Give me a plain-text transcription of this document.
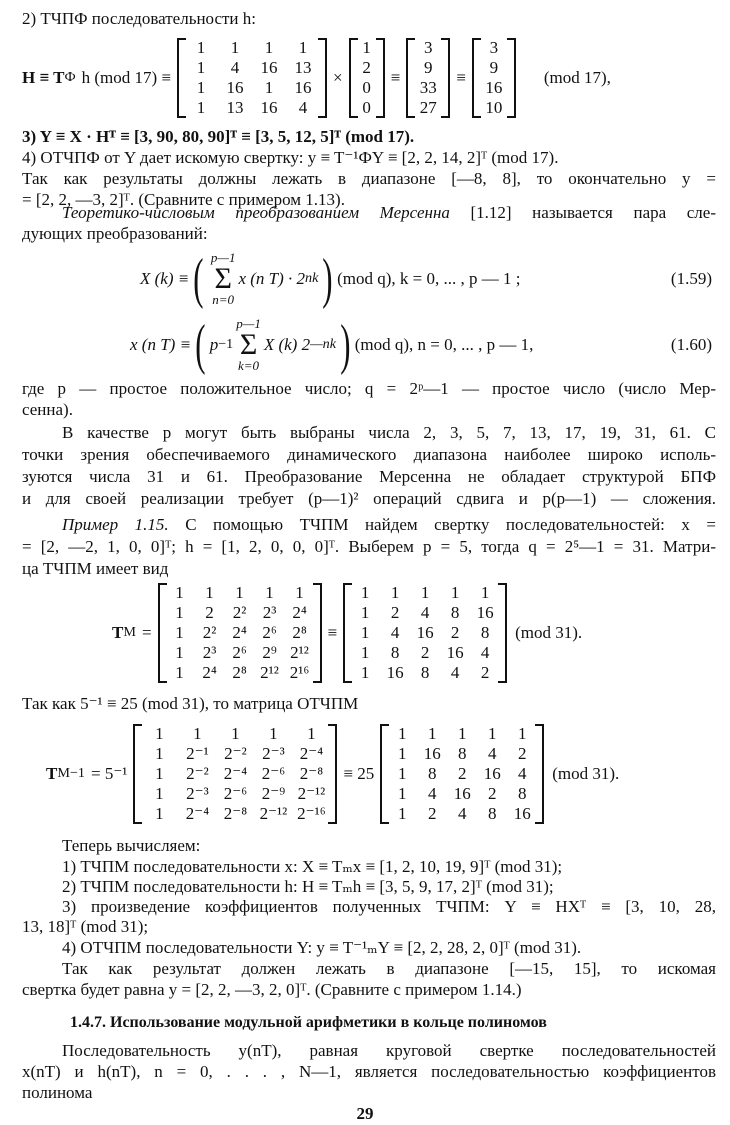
2) ТЧПФ последовательности h:
H ≡ T Ф h (mod 17) ≡
1	1	1	1
1	4	16	13
1	16	1	16
1	13	16	4
×
1
2
0
0
≡
3
9
33
27
≡
3
9
16
10
(mod 17),
3) Y ≡ X · Hᵀ ≡ [3, 90, 80, 90]ᵀ ≡ [3, 5, 12, 5]ᵀ (mod 17).
4) ОТЧПФ от Y дает искомую свертку: y ≡ T⁻¹ФY ≡ [2, 2, 14, 2]ᵀ (mod 17).
Так как результаты должны лежать в диапазоне [—8, 8], то окончательно y =
= [2, 2, —3, 2]ᵀ. (Сравните с примером 1.13).
Теоретико-числовым преобразованием Мерсенна [1.12] называется пара сле-
дующих преобразований:
X (k) ≡ ( p—1
Σ
n=0
x (n T) · 2 nk ) (mod q), k = 0, ... , p — 1 ;	(1.59)
x (n T) ≡ ( p −1
p—1
Σ
k=0
X (k) 2 —nk ) (mod q), n = 0, ... , p — 1,	(1.60)
где p — простое положительное число; q = 2ᵖ—1 — простое число (число Мер-
сенна).
В качестве p могут быть выбраны числа 2, 3, 5, 7, 13, 17, 19, 31, 61. С
точки зрения обеспечиваемого динамического диапазона наиболее широко исполь-
зуются числа 31 и 61. Преобразование Мерсенна не обладает структурой БПФ
и для своей реализации требует (p—1)² операций сдвига и p(p—1) — сложения.
Пример 1.15. С помощью ТЧПМ найдем свертку последовательностей: x =
= [2, —2, 1, 0, 0]ᵀ; h = [1, 2, 0, 0, 0]ᵀ. Выберем p = 5, тогда q = 2⁵—1 = 31. Матри-
ца ТЧПМ имеет вид
T M =
1	1	1	1	1
1	2	2² 2³ 2⁴
1	2² 2⁴ 2⁶ 2⁸
1	2³ 2⁶ 2⁹ 2¹²
1	2⁴ 2⁸ 2¹² 2¹⁶
≡
1	1	1	1	1
1	2	4	8	16
1	4	16	2	8
1	8	2	16	4
1	16	8	4	2
(mod 31).
Так как 5⁻¹ ≡ 25 (mod 31), то матрица ОТЧПМ
T M −1 = 5⁻¹
1	1	1	1	1
1	2⁻¹ 2⁻² 2⁻³ 2⁻⁴
1	2⁻² 2⁻⁴ 2⁻⁶ 2⁻⁸
1	2⁻³ 2⁻⁶ 2⁻⁹ 2⁻¹²
1	2⁻⁴ 2⁻⁸ 2⁻¹² 2⁻¹⁶
≡ 25
1	1	1	1	1
1	16	8	4	2
1	8	2	16	4
1	4	16	2	8
1	2	4	8	16
(mod 31).
Теперь вычисляем:
1) ТЧПМ последовательности x: X ≡ Tₘx ≡ [1, 2, 10, 19, 9]ᵀ (mod 31);
2) ТЧПМ последовательности h: H ≡ Tₘh ≡ [3, 5, 9, 17, 2]ᵀ (mod 31);
3) произведение коэффициентов полученных ТЧПМ: Y ≡ HXᵀ ≡ [3, 10, 28,
13, 18]ᵀ (mod 31);
4) ОТЧПМ последовательности Y: y ≡ T⁻¹ₘY ≡ [2, 2, 28, 2, 0]ᵀ (mod 31).
Так как результат должен лежать в диапазоне [—15, 15], то искомая
свертка будет равна y = [2, 2, —3, 2, 0]ᵀ. (Сравните с примером 1.14.)
1.4.7. Использование модульной арифметики в кольце полиномов
Последовательность y(nT), равная круговой свертке последовательностей
x(nT) и h(nT), n = 0, . . . , N—1, является последовательностью коэффициентов
полинома
29
